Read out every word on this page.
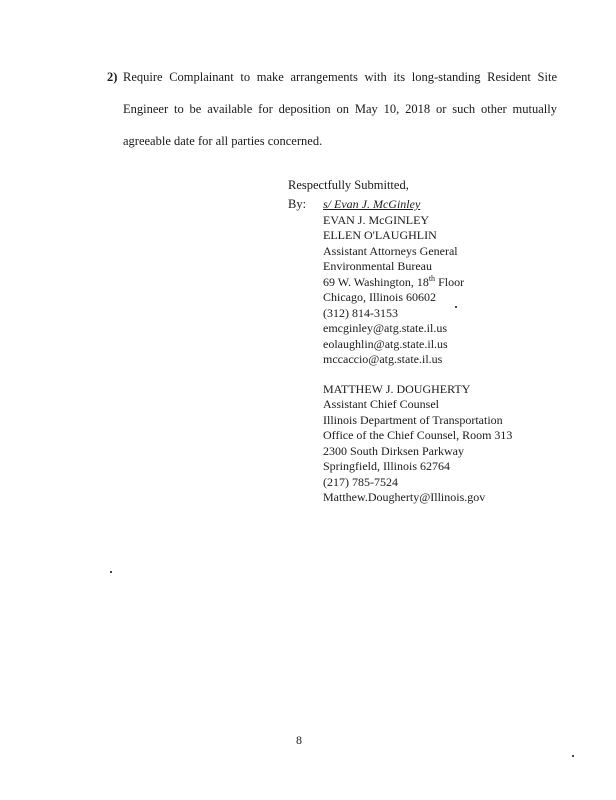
2) Require Complainant to make arrangements with its long-standing Resident Site
Engineer to be available for deposition on May 10, 2018 or such other mutually
agreeable date for all parties concerned.
Respectfully Submitted,
By: s/ Evan J. McGinley
EVAN J. McGINLEY
ELLEN O'LAUGHLIN
Assistant Attorneys General
Environmental Bureau
69 W. Washington, 18th Floor
Chicago, Illinois 60602
(312) 814-3153
emcginley@atg.state.il.us
eolaughlin@atg.state.il.us
mccaccio@atg.state.il.us
MATTHEW J. DOUGHERTY
Assistant Chief Counsel
Illinois Department of Transportation
Office of the Chief Counsel, Room 313
2300 South Dirksen Parkway
Springfield, Illinois 62764
(217) 785-7524
Matthew.Dougherty@Illinois.gov
8
